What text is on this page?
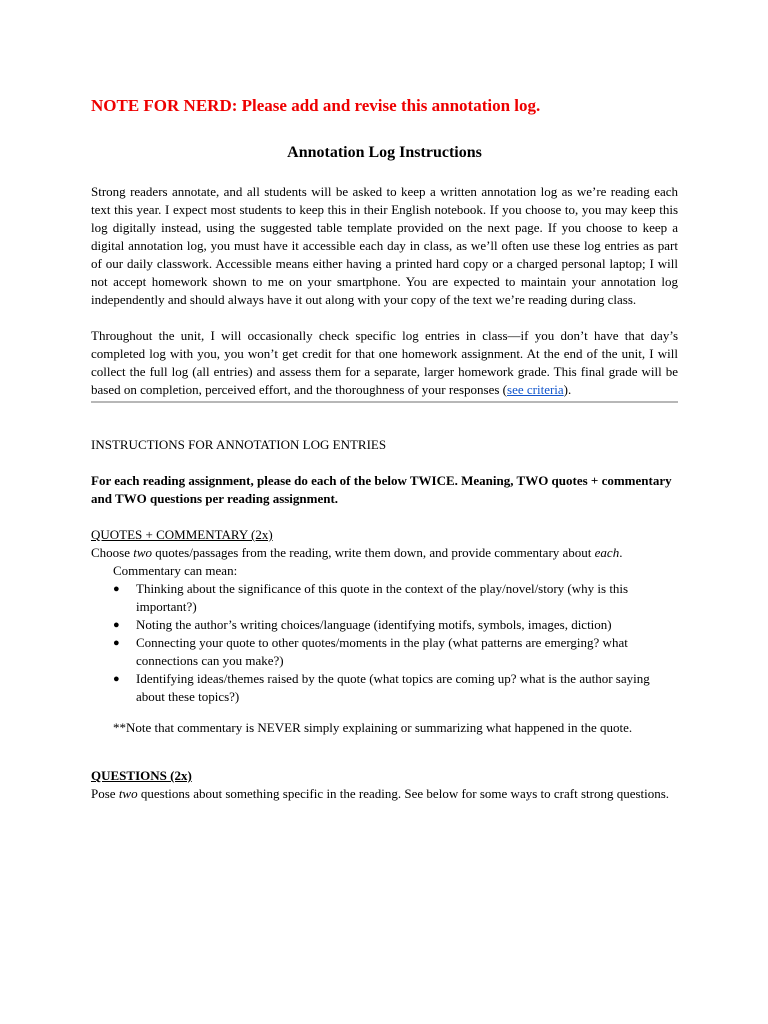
NOTE FOR NERD: Please add and revise this annotation log.

Annotation Log Instructions

Strong readers annotate, and all students will be asked to keep a written annotation log as we’re reading each text this year. I expect most students to keep this in their English notebook. If you choose to, you may keep this log digitally instead, using the suggested table template provided on the next page. If you choose to keep a digital annotation log, you must have it accessible each day in class, as we’ll often use these log entries as part of our daily classwork. Accessible means either having a printed hard copy or a charged personal laptop; I will not accept homework shown to me on your smartphone. You are expected to maintain your annotation log independently and should always have it out along with your copy of the text we’re reading during class.

Throughout the unit, I will occasionally check specific log entries in class—if you don’t have that day’s completed log with you, you won’t get credit for that one homework assignment. At the end of the unit, I will collect the full log (all entries) and assess them for a separate, larger homework grade. This final grade will be based on completion, perceived effort, and the thoroughness of your responses (see criteria).

INSTRUCTIONS FOR ANNOTATION LOG ENTRIES

For each reading assignment, please do each of the below TWICE. Meaning, TWO quotes + commentary and TWO questions per reading assignment.

QUOTES + COMMENTARY (2x)

Choose two quotes/passages from the reading, write them down, and provide commentary about each.

Commentary can mean:

● Thinking about the significance of this quote in the context of the play/novel/story (why is this important?)
● Noting the author’s writing choices/language (identifying motifs, symbols, images, diction)
● Connecting your quote to other quotes/moments in the play (what patterns are emerging? what connections can you make?)
● Identifying ideas/themes raised by the quote (what topics are coming up? what is the author saying about these topics?)

**Note that commentary is NEVER simply explaining or summarizing what happened in the quote.

QUESTIONS (2x)

Pose two questions about something specific in the reading. See below for some ways to craft strong questions.
